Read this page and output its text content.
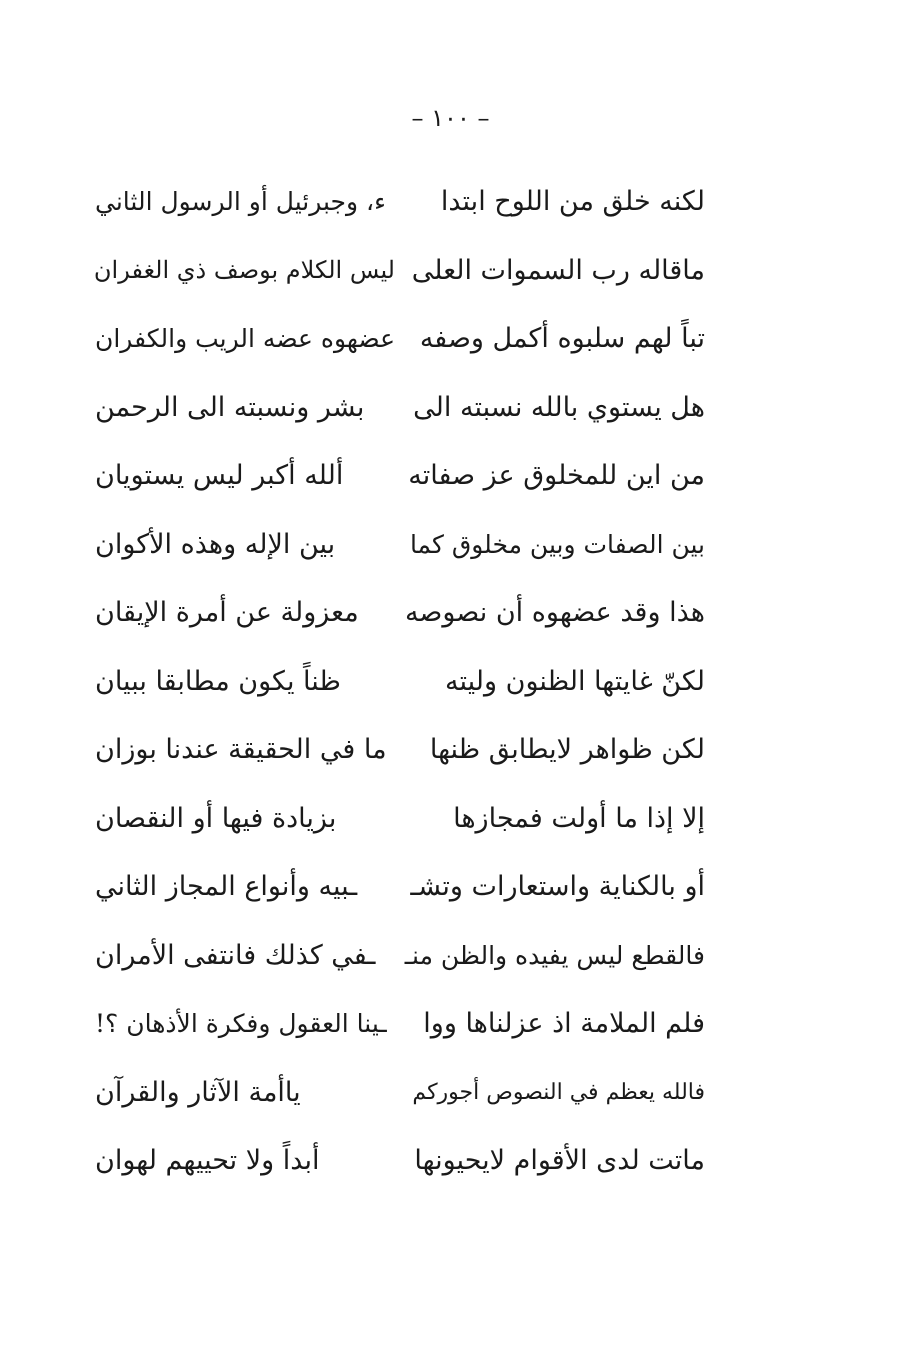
– ١٠٠ –
لكنه خلق من اللوح ابتدا
ء، وجبرئيل أو الرسول الثاني
ماقاله رب السموات العلى
ليس الكلام بوصف ذي الغفران
تباً لهم سلبوه أكمل وصفه
عضهوه عضه الريب والكفران
هل يستوي بالله نسبته الى
بشر ونسبته الى الرحمن
من اين للمخلوق عز صفاته
ألله أكبر ليس يستويان
بين الصفات وبين مخلوق كما
بين الإله وهذه الأكوان
هذا وقد عضهوه أن نصوصه
معزولة عن أمرة الإيقان
لكنّ غايتها الظنون وليته
ظناً يكون مطابقا ببيان
لكن ظواهر لايطابق ظنها
ما في الحقيقة عندنا بوزان
إلا إذا ما أولت فمجازها
بزيادة فيها أو النقصان
أو بالكناية واستعارات وتشـ
ـبيه وأنواع المجاز الثاني
فالقطع ليس يفيده والظن منـ
ـفي كذلك فانتفى الأمران
فلم الملامة اذ عزلناها ووا
ـينا العقول وفكرة الأذهان ؟!
فالله يعظم في النصوص أجوركم
ياأمة الآثار والقرآن
ماتت لدى الأقوام لايحيونها
أبداً ولا تحييهم لهوان
